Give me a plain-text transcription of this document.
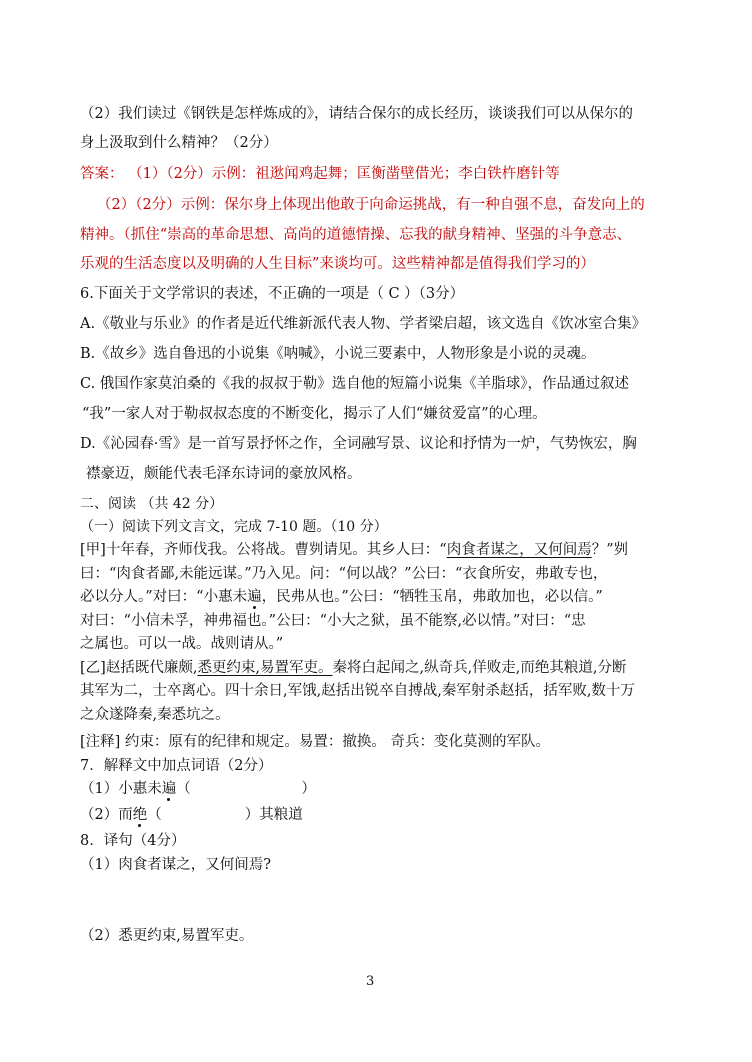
（2）我们读过《钢铁是怎样炼成的》，请结合保尔的成长经历，谈谈我们可以从保尔的
身上汲取到什么精神？（2分）
答案： （1）（2分）示例：祖逖闻鸡起舞；匡衡凿壁借光；李白铁杵磨针等
（2）（2分）示例：保尔身上体现出他敢于向命运挑战，有一种自强不息，奋发向上的
精神。（抓住“崇高的革命思想、高尚的道德情操、忘我的献身精神、坚强的斗争意志、
乐观的生活态度以及明确的人生目标”来谈均可。这些精神都是值得我们学习的）
6.下面关于文学常识的表述，不正确的一项是（ C ）（3分）
A.《敬业与乐业》的作者是近代维新派代表人物、学者梁启超，该文选自《饮冰室合集》
B.《故乡》选自鲁迅的小说集《呐喊》，小说三要素中，人物形象是小说的灵魂。
C. 俄国作家莫泊桑的《我的叔叔于勒》选自他的短篇小说集《羊脂球》，作品通过叙述
“我”一家人对于勒叔叔态度的不断变化，揭示了人们“嫌贫爱富”的心理。
D.《沁园春·雪》是一首写景抒怀之作，全词融写景、议论和抒情为一炉，气势恢宏，胸
襟豪迈，颇能代表毛泽东诗词的豪放风格。
二、阅读 （共 42 分）
（一）阅读下列文言文，完成 7-10 题。（10 分）
[甲]十年春，齐师伐我。公将战。曹刿请见。其乡人曰：“肉食者谋之，又何间焉？”刿
曰：“肉食者鄙,未能远谋。”乃入见。问：“何以战？”公曰：“衣食所安，弗敢专也，
必以分人。”对曰：“小惠未遍，民弗从也。”公曰：“牺牲玉帛，弗敢加也，必以信。”
对曰：“小信未孚，神弗福也。”公曰：“小大之狱，虽不能察,必以情。”对曰：“忠
之属也。可以一战。战则请从。”
[乙]赵括既代廉颇,悉更约束,易置军吏。秦将白起闻之,纵奇兵,佯败走,而绝其粮道,分断
其军为二，士卒离心。四十余日,军饿,赵括出锐卒自搏战,秦军射杀赵括，括军败,数十万
之众遂降秦,秦悉坑之。
[注释] 约束：原有的纪律和规定。易置：撤换。 奇兵：变化莫测的军队。
7．解释文中加点词语（2分）
（1）小惠未遍（                        ）
（2）而绝（                  ）其粮道
8．译句（4分）
（1）肉食者谋之，又何间焉?
（2）悉更约束,易置军吏。
3
